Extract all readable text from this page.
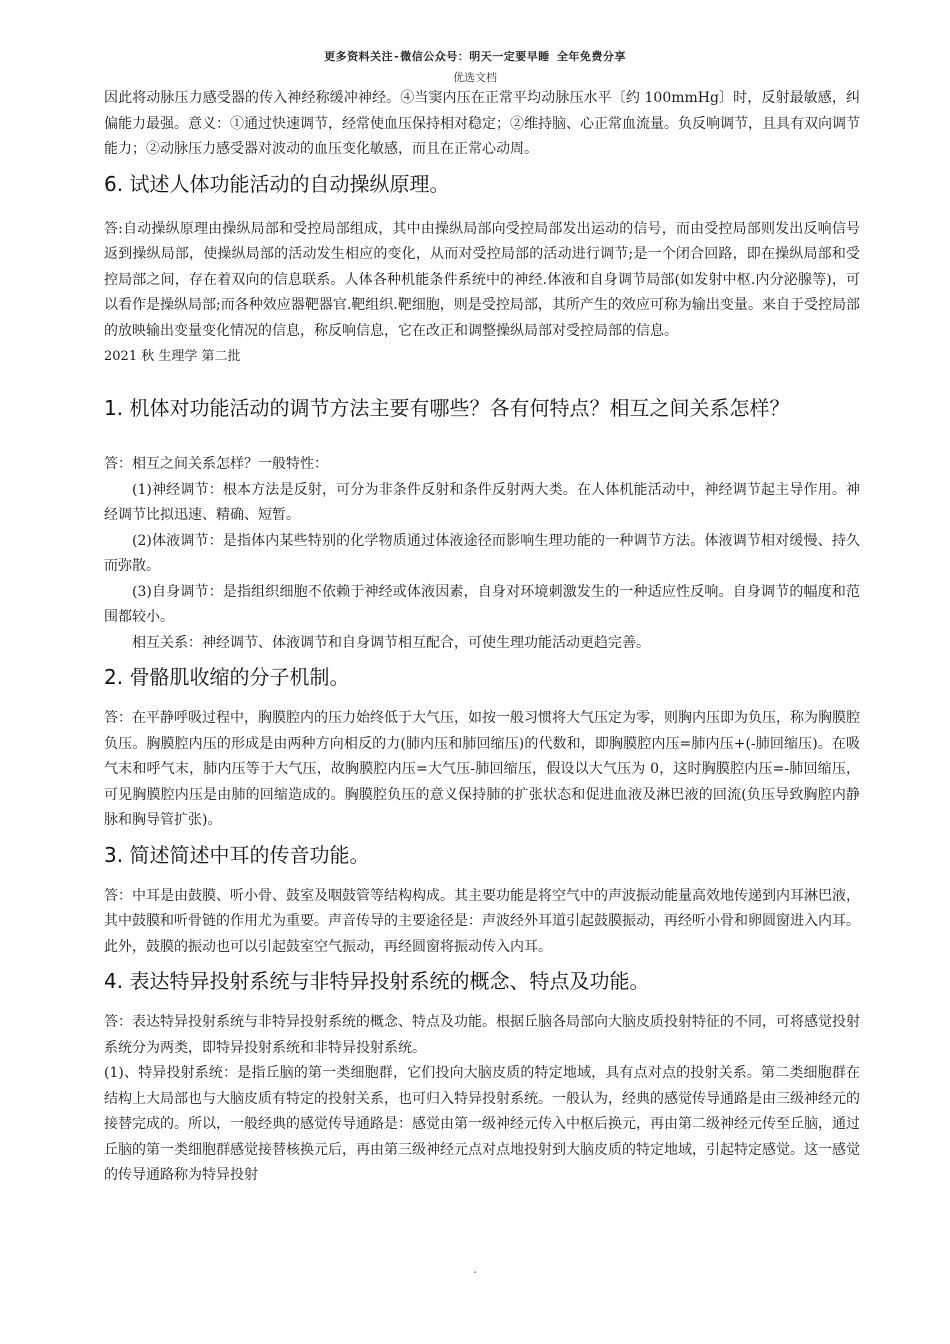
更多资料关注-微信公众号：明天一定要早睡 全年免费分享
优选文档

因此将动脉压力感受器的传入神经称缓冲神经。④当窦内压在正常平均动脉压水平〔约 100mmHg〕时，反射最敏感，纠偏能力最强。意义：①通过快速调节，经常使血压保持相对稳定；②维持脑、心正常血流量。负反响调节，且具有双向调节能力；②动脉压力感受器对波动的血压变化敏感，而且在正常心动周。

6. 试述人体功能活动的自动操纵原理。

答:自动操纵原理由操纵局部和受控局部组成，其中由操纵局部向受控局部发出运动的信号，而由受控局部则发出反响信号返到操纵局部，使操纵局部的活动发生相应的变化，从而对受控局部的活动进行调节;是一个闭合回路，即在操纵局部和受控局部之间，存在着双向的信息联系。人体各种机能条件系统中的神经.体液和自身调节局部(如发射中枢.内分泌腺等)，可以看作是操纵局部;而各种效应器靶器官.靶组织.靶细胞，则是受控局部，其所产生的效应可称为输出变量。来自于受控局部的放映输出变量变化情况的信息，称反响信息，它在改正和调整操纵局部对受控局部的信息。

2021 秋 生理学 第二批
1. 机体对功能活动的调节方法主要有哪些？各有何特点？相互之间关系怎样？

答：相互之间关系怎样？一般特性：

(1)神经调节：根本方法是反射，可分为非条件反射和条件反射两大类。在人体机能活动中，神经调节起主导作用。神经调节比拟迅速、精确、短暂。

(2)体液调节：是指体内某些特别的化学物质通过体液途径而影响生理功能的一种调节方法。体液调节相对缓慢、持久而弥散。

(3)自身调节：是指组织细胞不依赖于神经或体液因素，自身对环境刺激发生的一种适应性反响。自身调节的幅度和范围都较小。

相互关系：神经调节、体液调节和自身调节相互配合，可使生理功能活动更趋完善。

2. 骨骼肌收缩的分子机制。

答：在平静呼吸过程中，胸膜腔内的压力始终低于大气压，如按一般习惯将大气压定为零，则胸内压即为负压，称为胸膜腔负压。胸膜腔内压的形成是由两种方向相反的力(肺内压和肺回缩压)的代数和，即胸膜腔内压=肺内压+(-肺回缩压)。在吸气末和呼气末，肺内压等于大气压，故胸膜腔内压=大气压-肺回缩压，假设以大气压为 0，这时胸膜腔内压=-肺回缩压，可见胸膜腔内压是由肺的回缩造成的。胸膜腔负压的意义保持肺的扩张状态和促进血液及淋巴液的回流(负压导致胸腔内静脉和胸导管扩张)。

3. 简述简述中耳的传音功能。

答：中耳是由鼓膜、听小骨、鼓室及咽鼓管等结构构成。其主要功能是将空气中的声波振动能量高效地传递到内耳淋巴液，其中鼓膜和听骨链的作用尤为重要。声音传导的主要途径是：声波经外耳道引起鼓膜振动，再经听小骨和卵圆窗进入内耳。此外，鼓膜的振动也可以引起鼓室空气振动，再经圆窗将振动传入内耳。

4. 表达特异投射系统与非特异投射系统的概念、特点及功能。

答：表达特异投射系统与非特异投射系统的概念、特点及功能。根据丘脑各局部向大脑皮质投射特征的不同，可将感觉投射系统分为两类，即特异投射系统和非特异投射系统。

(1)、特异投射系统：是指丘脑的第一类细胞群，它们投向大脑皮质的特定地域，具有点对点的投射关系。第二类细胞群在结构上大局部也与大脑皮质有特定的投射关系，也可归入特异投射系统。一般认为，经典的感觉传导通路是由三级神经元的接替完成的。所以，一般经典的感觉传导通路是：感觉由第一级神经元传入中枢后换元，再由第二级神经元传至丘脑，通过丘脑的第一类细胞群感觉接替核换元后，再由第三级神经元点对点地投射到大脑皮质的特定地域，引起特定感觉。这一感觉的传导通路称为特异投射

.
